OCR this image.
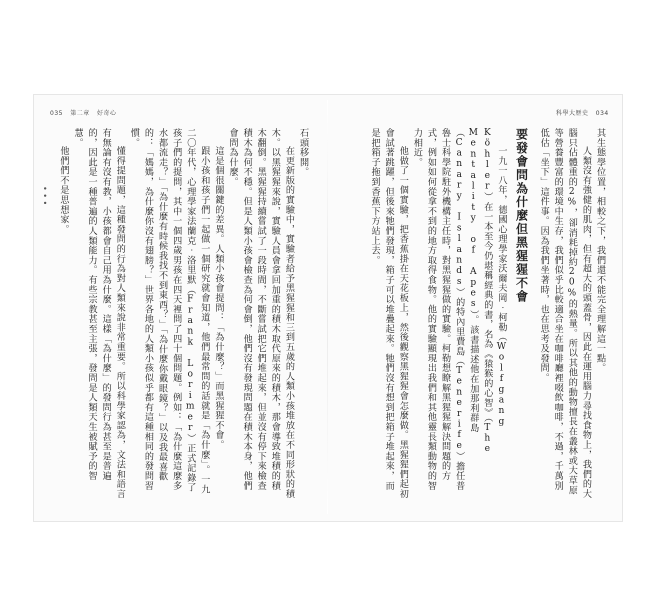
035 第二章 好奇心	科學大歷史 034
• • •	其生態學位置，相較之下，我們還不能完全理解這一點。

人類沒有強健的肌肉，但有超大的頭蓋骨，因此在運用腦力尋找食物上，我們的大腦只佔體重的2%，卻消耗掉約20%的熱量。所以其他的動物擅長在叢林或大草原等營養豐富的環境中生存，我們似乎比較適合坐在咖啡廳裡啜飲咖啡，不過，千萬別低估「坐下」這件事。因為我們坐著時，也在思考及發問。

要發會問為什麼但黑猩猩不會

一九一八年，德國心理學家沃爾夫岡‧柯勒（Wolfgang Köhler）在一本至今仍堪稱經典的書，名為《猿猴的心智》（The Mentality of Apes）。該書描述他在加那利群島（Canary Islands）的特內里費島（Tenerife）擔任普魯士科學院駐外機構主任時，對黑猩猩做的實驗。柯勒想瞭解黑猩猩解決問題的方式，例如如何從拿不到的地方取得食物。他的實驗顯現出我們和其他靈長類動物的智力相近。

他做了一個實驗，把香蕉掛在天花板上，然後觀察黑猩猩會怎麼做。黑猩猩們起初會試著跳躍，但後來牠們發現，箱子可以堆疊起來。牠們沒有想到把箱子堆起來，而是把箱子拖到香蕉下方站上去。

石頭移開。

在更新版的實驗中，實驗者給予黑猩猩和三到五歲的人類小孩堆放在不同形狀的積木。以黑猩猩來說，實驗人員會拿回加重的積木取代原來的積木，那會導致堆積的積木翻倒。黑猩猩持續嘗試了一段時間，不斷嘗試把它們堆起來，但並沒有停下來檢查積木為何不穩。但是人類小孩會檢查為何會倒，他們沒有發現問題在積木本身，他們會問為什麼。

這是個很關鍵的差異。人類小孩會提問：「為什麼？」而黑猩猩不會。

跟小孩和孩子們一起做一個研究就會知道，他們最常問的話就是「為什麼」。一九二〇年代，心理學家法蘭克‧洛里默（Frank Lorimer）正式記錄了孩子們的提問，其中一個四歲男孩在四天裡問了四十個問題。例如：「為什麼這麼多水都流走？」「為什麼有時候我找不到東西？」「為什麼你戴眼鏡？」以及我最喜歡的：「媽媽，為什麼你沒有翅膀？」世界各地的人類小孩似乎都有這種相同的發問習慣。

懂得提問題，這種發問的行為對人類來說非常重要。所以科學家認為，文法和語言有無論有沒有教，小孩都會自己用為什麼。這樣「為什麼」的發問行為甚至是普遍的，因此是一種普遍的人類能力。有些宗教甚至主張，發問是人類天生被賦予的智慧。

他們們不是思想家。
